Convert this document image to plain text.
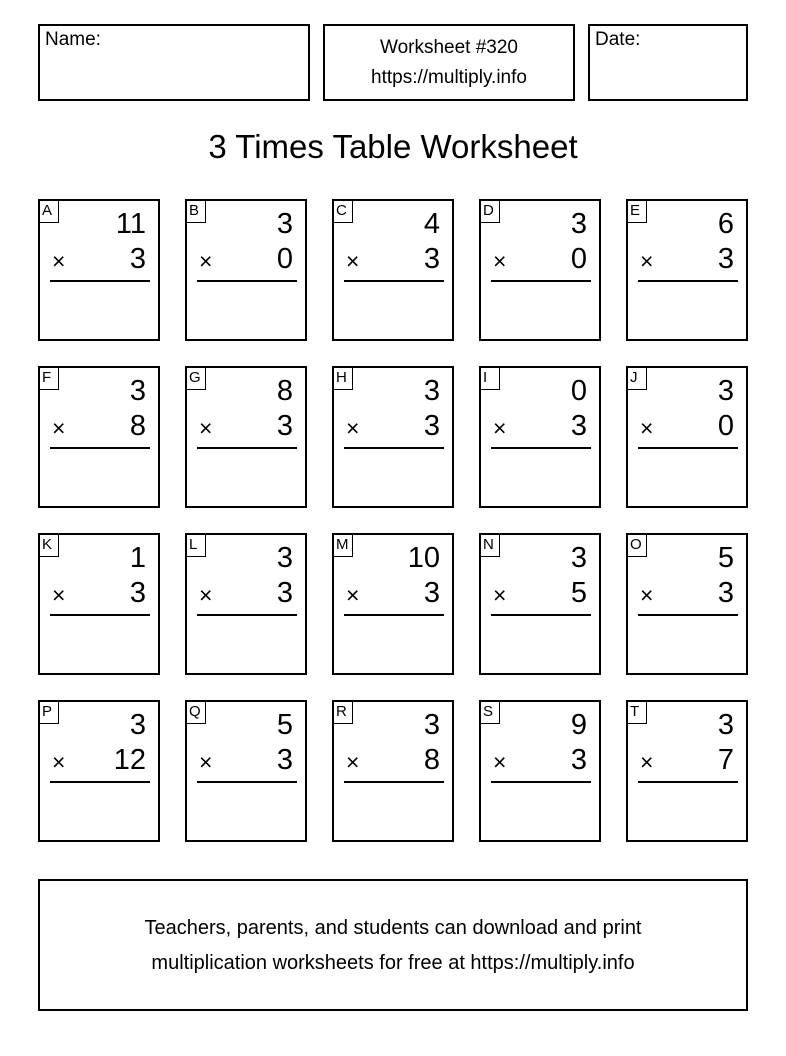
Name:	Worksheet #320
https://multiply.info
Date:
3 Times Table Worksheet
A 11
× 3
B	3
× 0
C	4
× 3
D	3
× 0
E	6
× 3
F	3
× 8
G	8
× 3
H	3
× 3
I	0
× 3
J	3
× 0
K	1
× 3
L	3
× 3
M 10
× 3
N	3
× 5
O	5
× 3
P	3
× 12
Q	5
× 3
R	3
× 8
S	9
× 3
T	3
× 7
Teachers, parents, and students can download and print
multiplication worksheets for free at https://multiply.info
